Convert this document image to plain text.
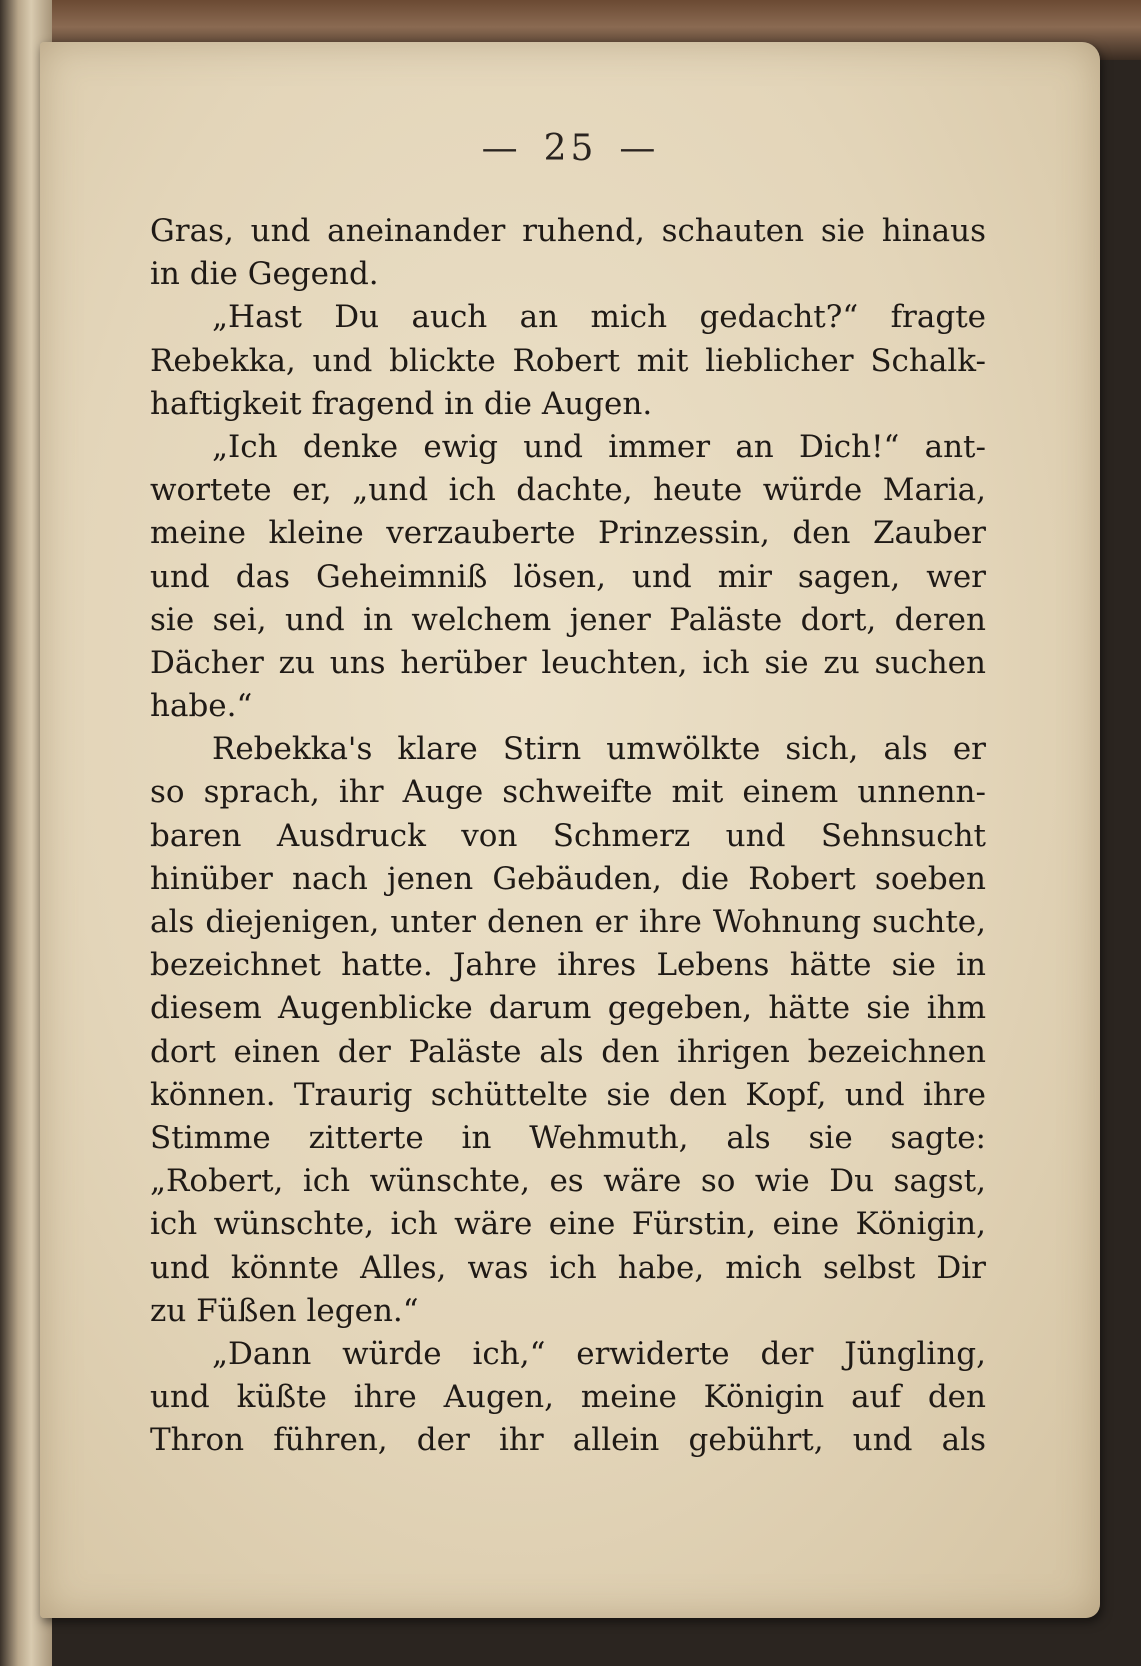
— 25 —
Gras, und aneinander ruhend, schauten sie hinaus
in die Gegend.
„Hast Du auch an mich gedacht?“ fragte
Rebekka, und blickte Robert mit lieblicher Schalk-
haftigkeit fragend in die Augen.
„Ich denke ewig und immer an Dich!“ ant-
wortete er, „und ich dachte, heute würde Maria,
meine kleine verzauberte Prinzessin, den Zauber
und das Geheimniß lösen, und mir sagen, wer
sie sei, und in welchem jener Paläste dort, deren
Dächer zu uns herüber leuchten, ich sie zu suchen
habe.“
Rebekka's klare Stirn umwölkte sich, als er
so sprach, ihr Auge schweifte mit einem unnenn-
baren Ausdruck von Schmerz und Sehnsucht
hinüber nach jenen Gebäuden, die Robert soeben
als diejenigen, unter denen er ihre Wohnung suchte,
bezeichnet hatte. Jahre ihres Lebens hätte sie in
diesem Augenblicke darum gegeben, hätte sie ihm
dort einen der Paläste als den ihrigen bezeichnen
können. Traurig schüttelte sie den Kopf, und ihre
Stimme zitterte in Wehmuth, als sie sagte:
„Robert, ich wünschte, es wäre so wie Du sagst,
ich wünschte, ich wäre eine Fürstin, eine Königin,
und könnte Alles, was ich habe, mich selbst Dir
zu Füßen legen.“
„Dann würde ich,“ erwiderte der Jüngling,
und küßte ihre Augen, meine Königin auf den
Thron führen, der ihr allein gebührt, und als
